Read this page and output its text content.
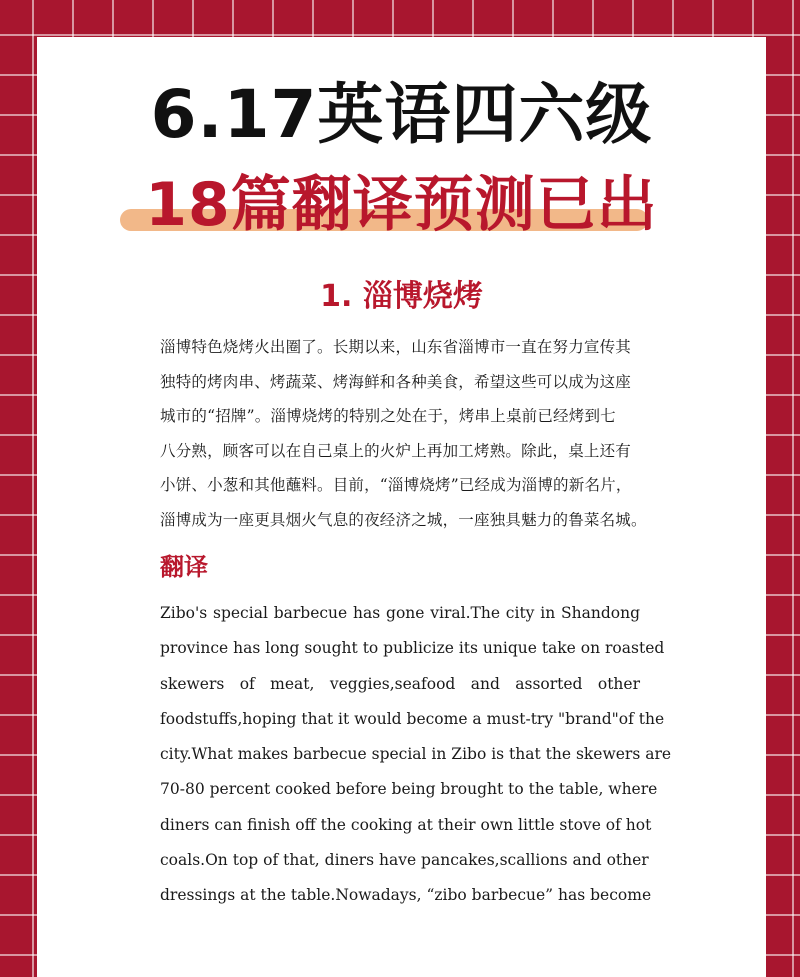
6.17英语四六级
18篇翻译预测已出
1. 淄博烧烤
淄博特色烧烤火出圈了。长期以来，山东省淄博市一直在努力宣传其
独特的烤肉串、烤蔬菜、烤海鲜和各种美食，希望这些可以成为这座
城市的“招牌”。淄博烧烤的特别之处在于，烤串上桌前已经烤到七
八分熟，顾客可以在自己桌上的火炉上再加工烤熟。除此，桌上还有
小饼、小葱和其他蘸料。目前，“淄博烧烤”已经成为淄博的新名片，
淄博成为一座更具烟火气息的夜经济之城，一座独具魅力的鲁菜名城。
翻译
Zibo's special barbecue has gone viral.The city in Shandong
province has long sought to publicize its unique take on roasted
skewers of meat, veggies,seafood and assorted other
foodstuffs,hoping that it would become a must-try "brand"of the
city.What makes barbecue special in Zibo is that the skewers are
70-80 percent cooked before being brought to the table, where
diners can finish off the cooking at their own little stove of hot
coals.On top of that, diners have pancakes,scallions and other
dressings at the table.Nowadays, “zibo barbecue” has become
